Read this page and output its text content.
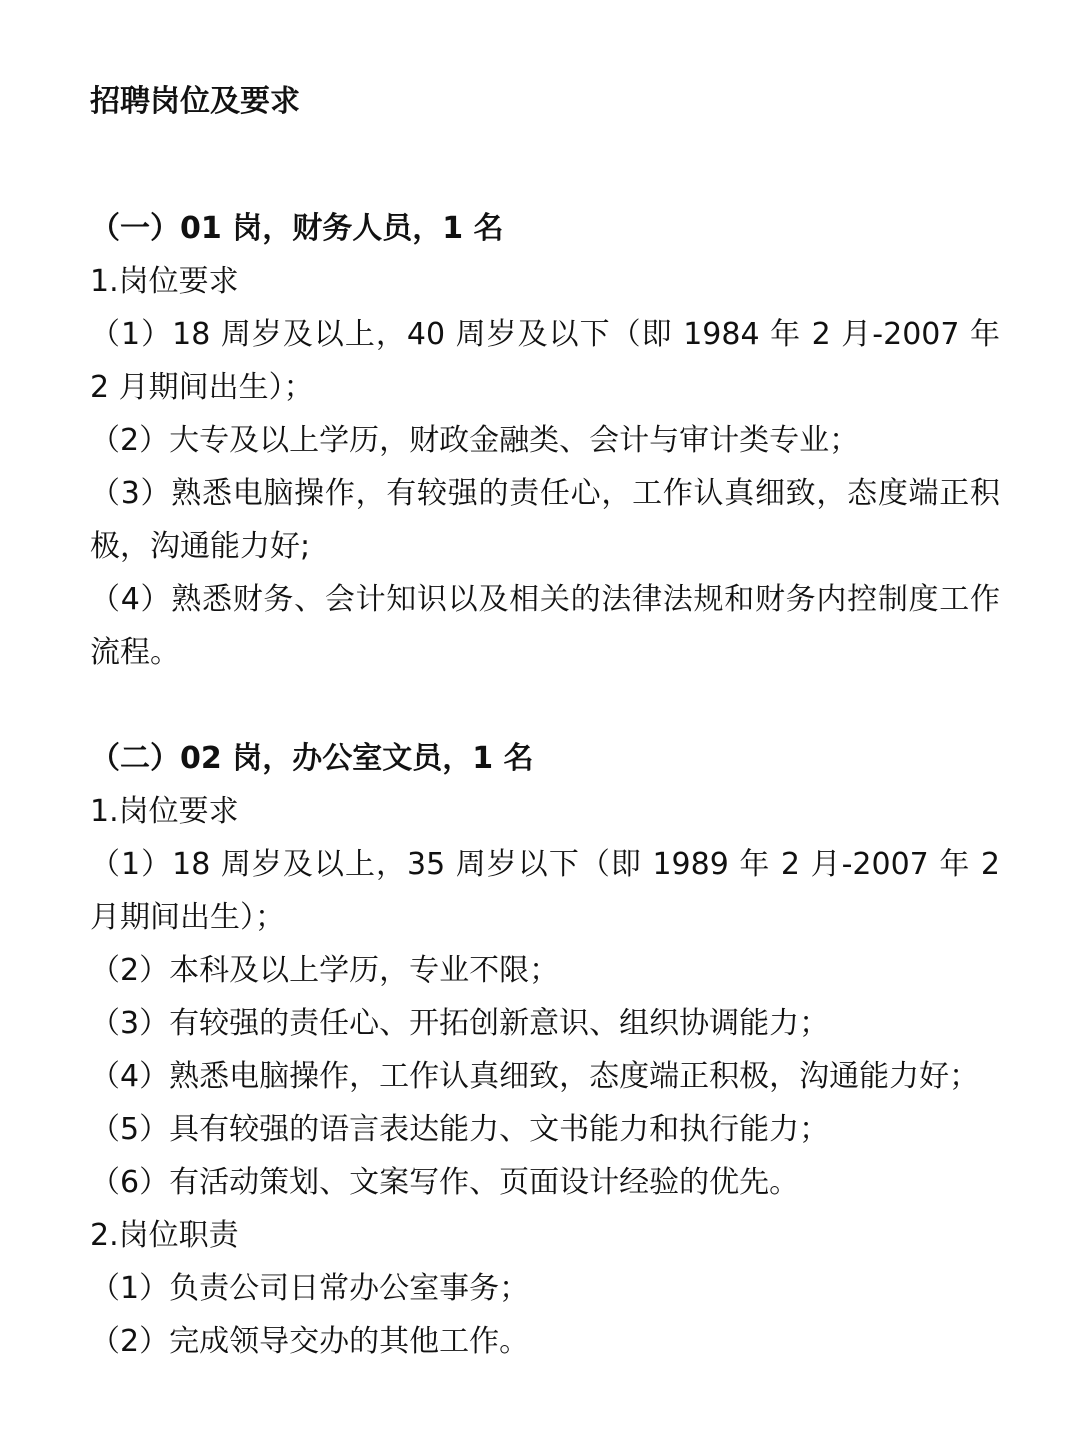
招聘岗位及要求
（一）01 岗，财务人员，1 名
1.岗位要求
（1）18 周岁及以上，40 周岁及以下（即 1984 年 2 月-2007 年 2 月期间出生）；
（2）大专及以上学历，财政金融类、会计与审计类专业；
（3）熟悉电脑操作，有较强的责任心，工作认真细致，态度端正积极，沟通能力好;
（4）熟悉财务、会计知识以及相关的法律法规和财务内控制度工作流程。
（二）02 岗，办公室文员，1 名
1.岗位要求
（1）18 周岁及以上，35 周岁以下（即 1989 年 2 月-2007 年 2 月期间出生）；
（2）本科及以上学历，专业不限；
（3）有较强的责任心、开拓创新意识、组织协调能力；
（4）熟悉电脑操作，工作认真细致，态度端正积极，沟通能力好；
（5）具有较强的语言表达能力、文书能力和执行能力；
（6）有活动策划、文案写作、页面设计经验的优先。
2.岗位职责
（1）负责公司日常办公室事务；
（2）完成领导交办的其他工作。
